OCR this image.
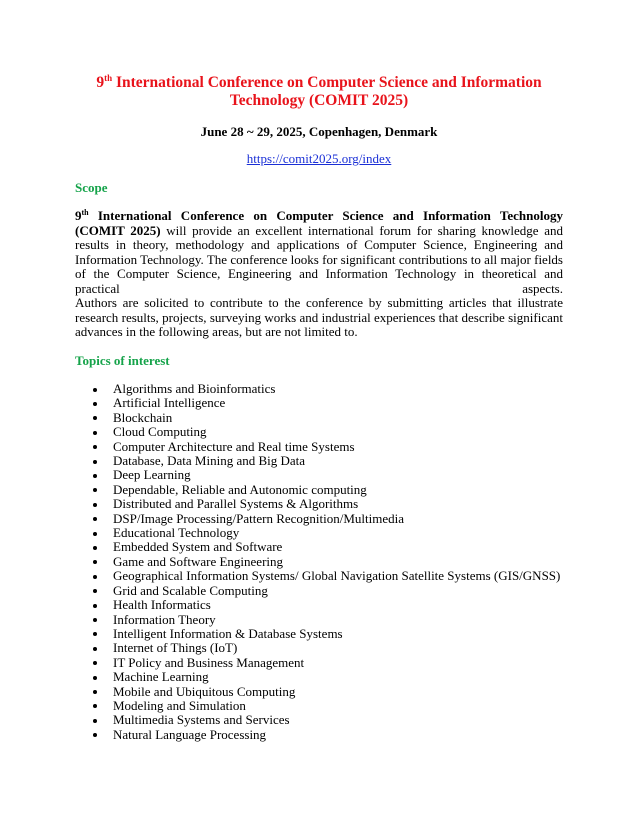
9th International Conference on Computer Science and Information
Technology (COMIT 2025)
June 28 ~ 29, 2025, Copenhagen, Denmark
https://comit2025.org/index
Scope
9th International Conference on Computer Science and Information Technology (COMIT 2025) will provide an excellent international forum for sharing knowledge and results in theory, methodology and applications of Computer Science, Engineering and Information Technology. The conference looks for significant contributions to all major fields of the Computer Science, Engineering and Information Technology in theoretical and practical aspects.
Authors are solicited to contribute to the conference by submitting articles that illustrate research results, projects, surveying works and industrial experiences that describe significant advances in the following areas, but are not limited to.
Topics of interest
Algorithms and Bioinformatics
Artificial Intelligence
Blockchain
Cloud Computing
Computer Architecture and Real time Systems
Database, Data Mining and Big Data
Deep Learning
Dependable, Reliable and Autonomic computing
Distributed and Parallel Systems & Algorithms
DSP/Image Processing/Pattern Recognition/Multimedia
Educational Technology
Embedded System and Software
Game and Software Engineering
Geographical Information Systems/ Global Navigation Satellite Systems (GIS/GNSS)
Grid and Scalable Computing
Health Informatics
Information Theory
Intelligent Information & Database Systems
Internet of Things (IoT)
IT Policy and Business Management
Machine Learning
Mobile and Ubiquitous Computing
Modeling and Simulation
Multimedia Systems and Services
Natural Language Processing
